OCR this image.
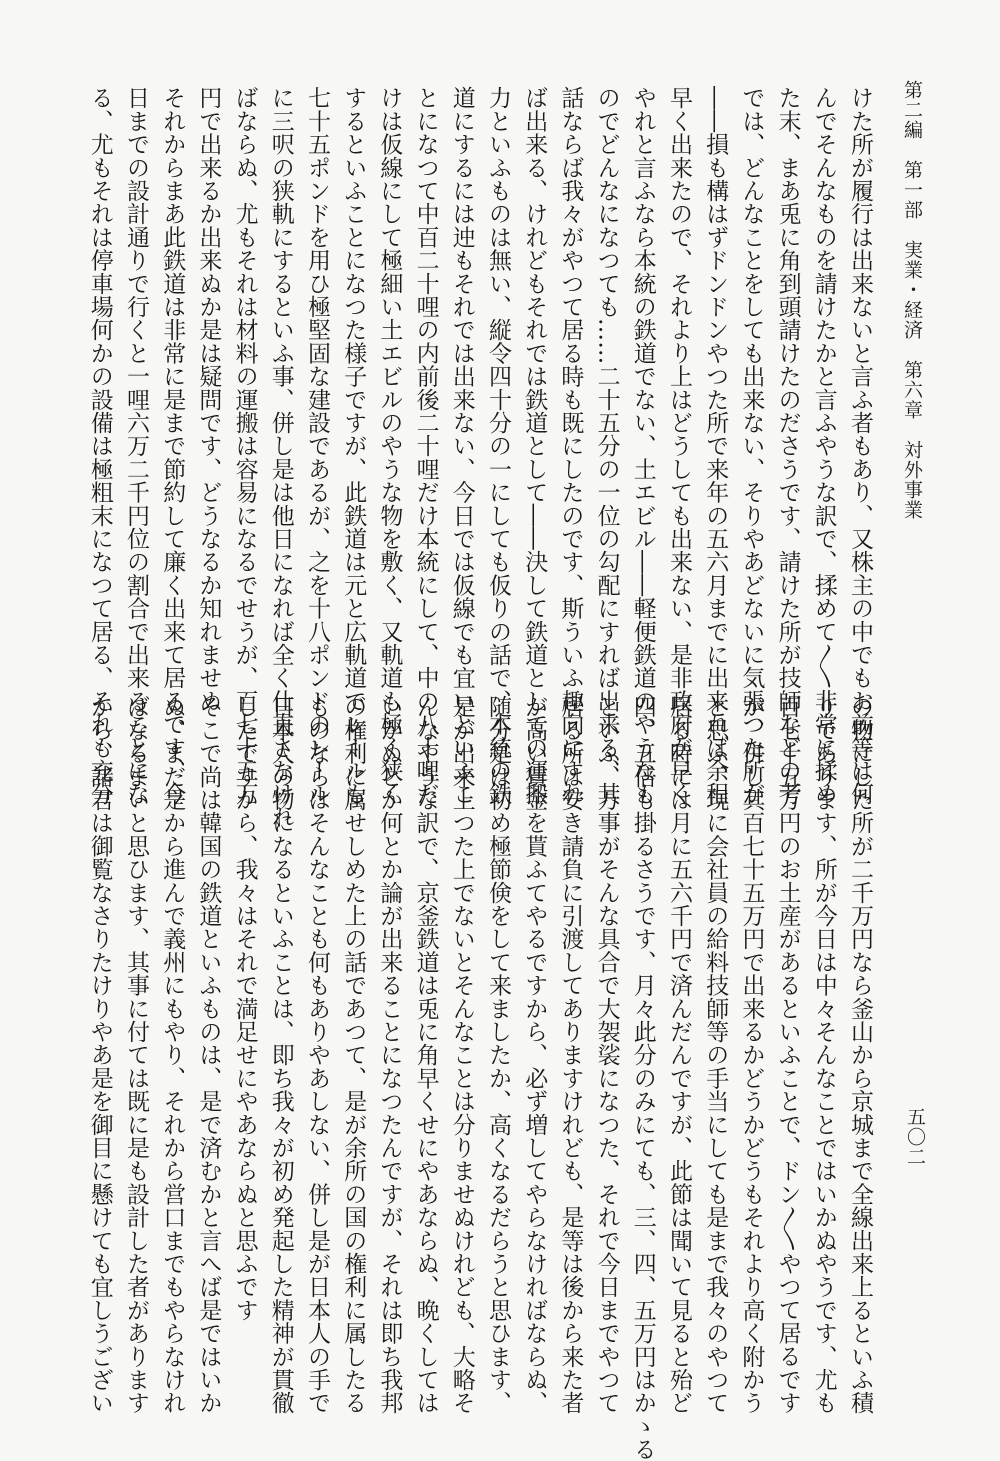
第二編　第一部　実業・経済　第六章　対外事業
五〇二
けた所が履行は出来ないと言ふ者もあり、又株主の中でもお前等は何
んでそんなものを請けたかと言ふやうな訳で、揉めて〳〵非常に揉め
た末、まあ兎に角到頭請けたのださうです、請けた所が技師などの考
では、どんなことをしても出来ない、そりやあどないに気張つた所が
――損も構はずドンドンやつた所で来年の五六月までに出来れば余程
早く出来たので、それより上はどうしても出来ない、是非政府が早く
やれと言ふなら本統の鉄道でない、土エビル――軽便鉄道のやうなも
のでどんなになつても……二十五分の一位の勾配にすれば出来る、其
話ならば我々がやつて居る時も既にしたのです、斯ういふ趣向にすれ
ば出来る、けれどもそれでは鉄道として――決して鉄道としての運搬
力といふものは無い、縦令四十分の一にしても仮りの話で、本統の鉄
道にするには迚もそれでは出来ない、今日では仮線でも宜いといふこ
とになつて中百二十哩の内前後二十哩だけ本統にして、中の八十哩だ
けは仮線にして極細い土エビルのやうな物を敷く、又軌道も極く狭く
するといふことになつた様子ですが、此鉄道は元と広軌道でレールも
七十五ポンドを用ひ極堅固な建設であるが、之を十八ポンドのレール
に三呎の狭軌にするといふ事、併し是は他日になれば全く仕直さなけれ
ばならぬ、尤もそれは材料の運搬は容易になるでせうが、百七十五万
円で出来るか出来ぬか是は疑問です、どうなるか知れませぬ
それからまあ此鉄道は非常に是まで節約して廉く出来て居るです、今
日までの設計通りで行くと一哩六万二千円位の割合で出来ることにな
る、尤もそれは停車場何かの設備は極粗末になつて居る、それも充分
の物にした所が二千万円なら釜山から京城まで全線出来上るといふ積
りであります、所が今日は中々そんなことではいかぬやうです、尤も
百七十五万円のお土産があるといふことで、ドン〳〵やつて居るです
が、併し其百七十五万円で出来るかどうかどうもそれより高く附かう
と思ふ、現に会社員の給料技師等の手当にしても是まで我々のやつて
居る時には月に五六千円で済んだんですが、此節は聞いて見ると殆ど
四、五倍も掛るさうです、月々此分のみにても、三、四、五万円はかゝる
といふ、万事がそんな具合で大袈裟になつた、それで今日までやつて
居る所は安き請負に引渡してありますけれども、是等は後から来た者
が高い賃金を貰ふてやるですから、必ず増してやらなければならぬ、
随分是は初め極節倹をして来ましたか、高くなるだらうと思ひます、
是が出来上つた上でないとそんなことは分りませぬけれども、大略そ
んなやうな訳で、京釜鉄道は兎に角早くせにやあならぬ、晩くしては
いかぬとか何とか論が出来ることになつたんですが、それは即ち我邦
の権利に属せしめた上の話であつて、是が余所の国の権利に属したる
ものならはそんなことも何もありやあしない、併し是が日本人の手で
日本人の物になるといふことは、即ち我々が初め発起した精神が貫徹
したですから、我々はそれで満足せにやあならぬと思ふです
そこで尚は韓国の鉄道といふものは、是で済むかと言へば是ではいか
ぬ、まだ是から進んで義州にもやり、それから営口までもやらなけれ
ばなるまいと思ひます、其事に付ては既に是も設計した者があります
から、諸君は御覧なさりたけりやあ是を御目に懸けても宜しうござい
